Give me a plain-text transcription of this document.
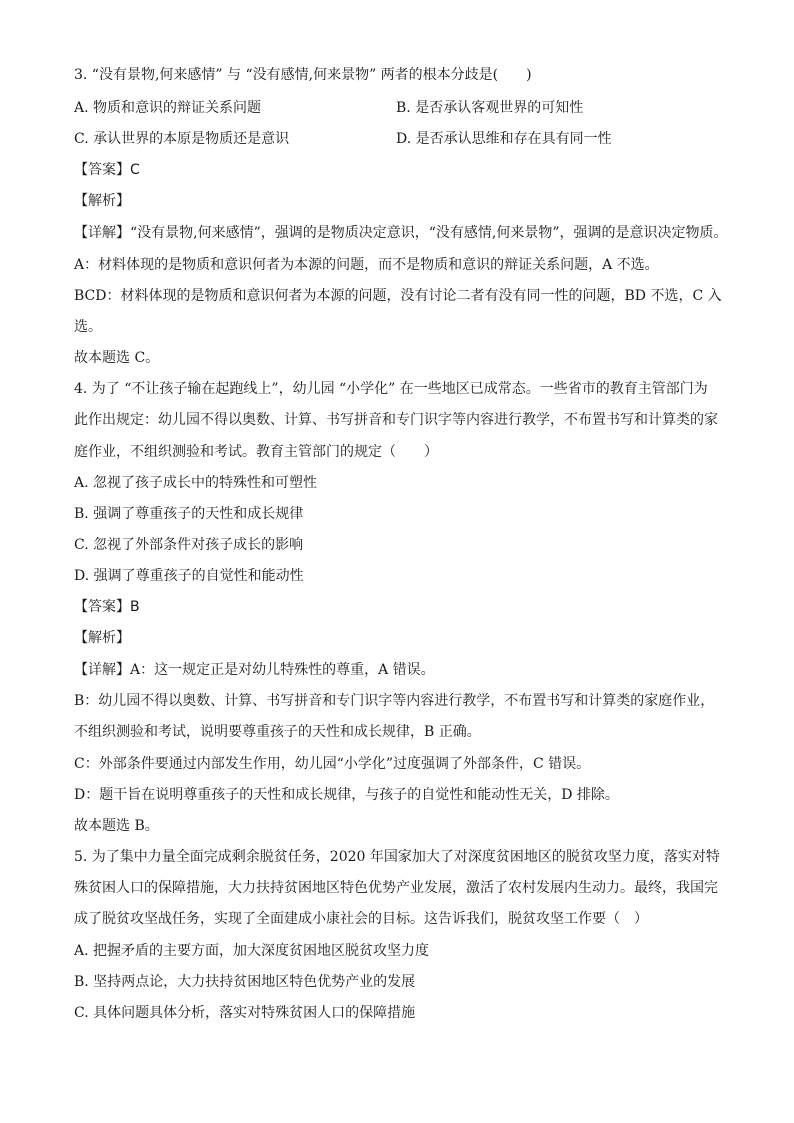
3. “没有景物,何来感情” 与 “没有感情,何来景物” 两者的根本分歧是(　　)
A. 物质和意识的辩证关系问题	B. 是否承认客观世界的可知性
C. 承认世界的本原是物质还是意识	D. 是否承认思维和存在具有同一性
【答案】C
【解析】
【详解】“没有景物,何来感情”，强调的是物质决定意识，“没有感情,何来景物”，强调的是意识决定物质。
A：材料体现的是物质和意识何者为本源的问题，而不是物质和意识的辩证关系问题，A 不选。
BCD：材料体现的是物质和意识何者为本源的问题，没有讨论二者有没有同一性的问题，BD 不选，C 入
选。
故本题选 C。
4. 为了 “不让孩子输在起跑线上”，幼儿园 “小学化” 在一些地区已成常态。一些省市的教育主管部门为
此作出规定：幼儿园不得以奥数、计算、书写拼音和专门识字等内容进行教学，不布置书写和计算类的家
庭作业，不组织测验和考试。教育主管部门的规定（　　）
A. 忽视了孩子成长中的特殊性和可塑性
B. 强调了尊重孩子的天性和成长规律
C. 忽视了外部条件对孩子成长的影响
D. 强调了尊重孩子的自觉性和能动性
【答案】B
【解析】
【详解】A：这一规定正是对幼儿特殊性的尊重，A 错误。
B：幼儿园不得以奥数、计算、书写拼音和专门识字等内容进行教学，不布置书写和计算类的家庭作业，
不组织测验和考试，说明要尊重孩子的天性和成长规律，B 正确。
C：外部条件要通过内部发生作用，幼儿园“小学化”过度强调了外部条件，C 错误。
D：题干旨在说明尊重孩子的天性和成长规律，与孩子的自觉性和能动性无关，D 排除。
故本题选 B。
5. 为了集中力量全面完成剩余脱贫任务，2020 年国家加大了对深度贫困地区的脱贫攻坚力度，落实对特
殊贫困人口的保障措施，大力扶持贫困地区特色优势产业发展，激活了农村发展内生动力。最终，我国完
成了脱贫攻坚战任务，实现了全面建成小康社会的目标。这告诉我们，脱贫攻坚工作要（　）
A. 把握矛盾的主要方面，加大深度贫困地区脱贫攻坚力度
B. 坚持两点论，大力扶持贫困地区特色优势产业的发展
C. 具体问题具体分析，落实对特殊贫困人口的保障措施
